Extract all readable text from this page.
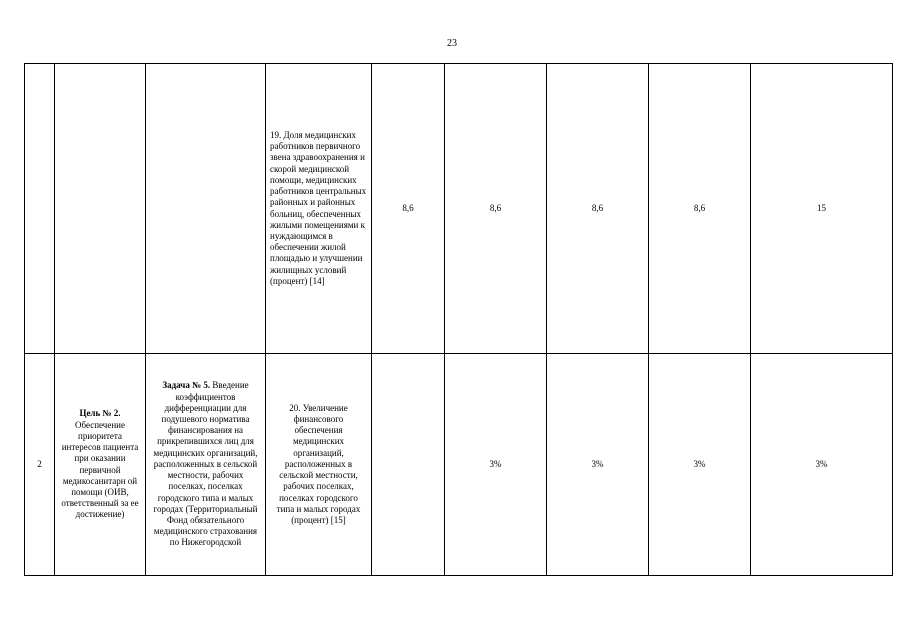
23
			19. Доля медицинских работников первичного звена здравоохранения и скорой медицинской помощи, медицинских работников центральных районных и районных больниц, обеспеченных жилыми помещениями к нуждающимся в обеспечении жилой площадью и улучшении жилищных условий (процент) [14]	8,6	8,6	8,6	8,6	15
2	Цель № 2.
Обеспечение приоритета интересов пациента при оказании первичной медикосанитарн ой помощи (ОИВ, ответственный за ее достижение)	Задача № 5. Введение коэффициентов дифференциации для подушевого норматива финансирования на прикрепившихся лиц для медицинских организаций, расположенных в сельской местности, рабочих поселках, поселках городского типа и малых городах (Территориальный Фонд обязательного медицинского страхования по Нижегородской	20. Увеличение финансового обеспечения медицинских организаций, расположенных в сельской местности, рабочих поселках, поселках городского типа и малых городах (процент) [15]		3%	3%	3%	3%
